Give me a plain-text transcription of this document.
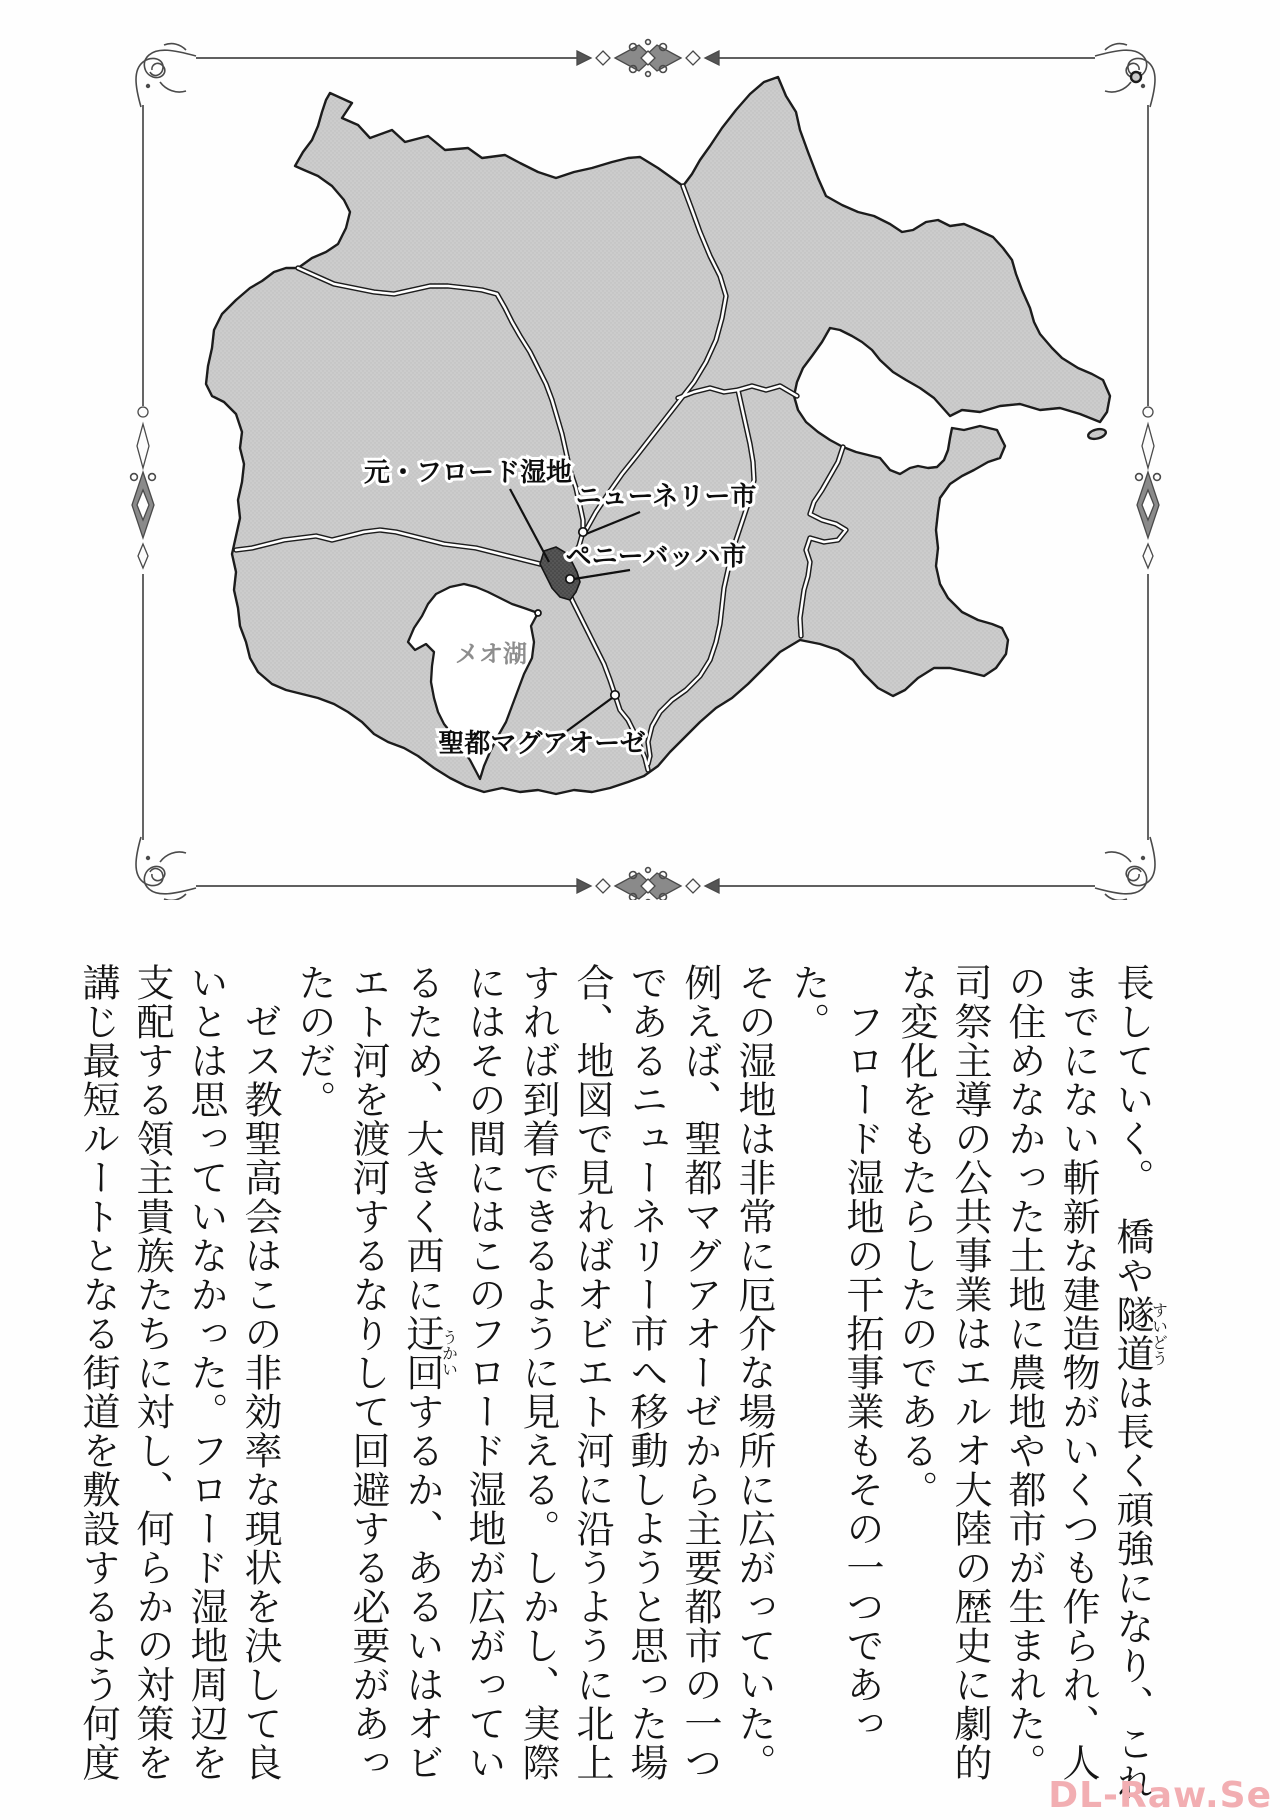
元・フロード湿地
ニューネリー市
ペニーバッハ市
メオ湖
聖都マグアオーゼ

長していく。　橋や隧道すいどうは長く頑強になり、これ

までにない斬新な建造物がいくつも作られ、人

の住めなかった土地に農地や都市が生まれた。

司祭主導の公共事業はエルオ大陸の歴史に劇的

な変化をもたらしたのである。

　フロード湿地の干拓事業もその一つであった。

その湿地は非常に厄介な場所に広がっていた。

例えば、聖都マグアオーゼから主要都市の一つ

であるニューネリー市へ移動しようと思った場

合、地図で見ればオビエト河に沿うように北上

すれば到着できるように見える。しかし、実際

にはその間にはこのフロード湿地が広がってい

るため、大きく西に迂回うかいするか、あるいはオビ

エト河を渡河するなりして回避する必要があっ

たのだ。

　ゼス教聖高会はこの非効率な現状を決して良

いとは思っていなかった。フロード湿地周辺を

支配する領主貴族たちに対し、何らかの対策を

講じ最短ルートとなる街道を敷設するよう何度

DL-Raw.Se
